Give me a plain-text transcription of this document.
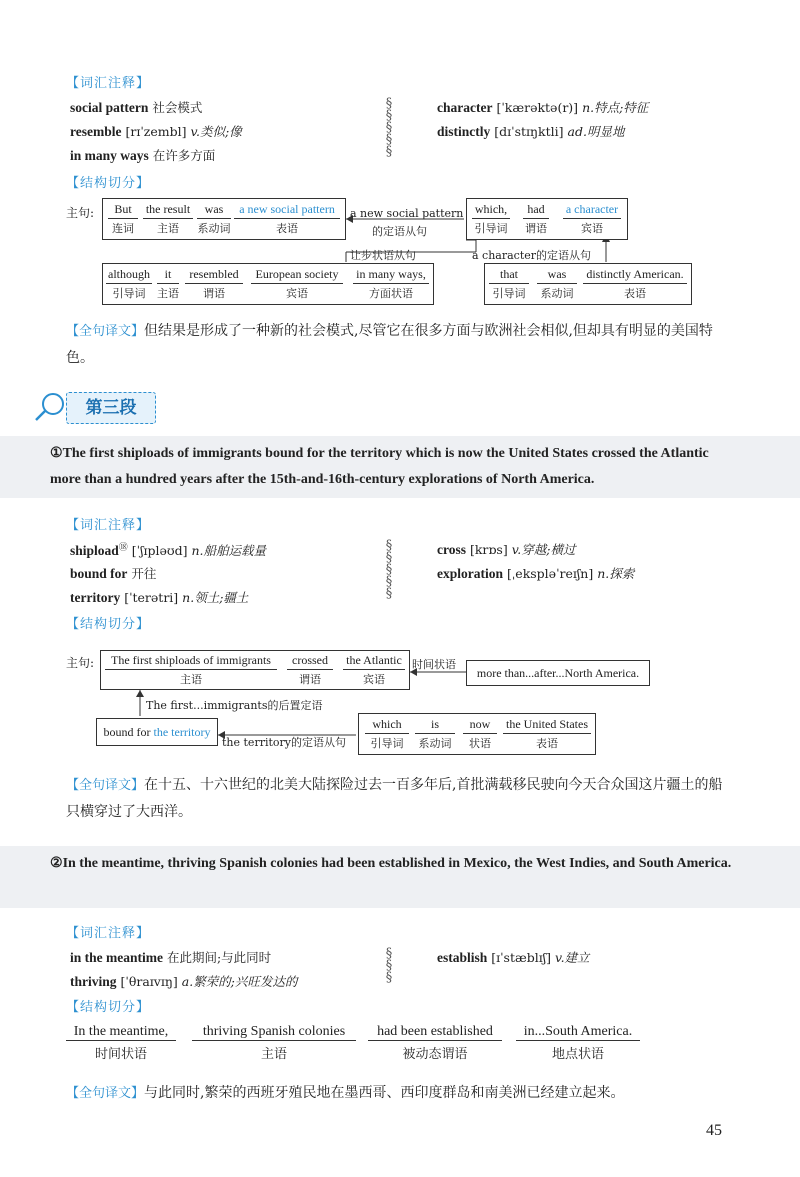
【词汇注释】
social pattern 社会模式
resemble [rɪˈzembl] v.类似;像
in many ways 在许多方面
§
§
§
§
§
character [ˈkærəktə(r)] n.特点;特征
distinctly [dɪˈstɪŋktli] ad.明显地
【结构切分】
主句:	But
连词
the result
主语
was
系动词
a new social pattern
表语
a new social pattern
的定语从句
which,
引导词
had
谓语
a character
宾语
让步状语从句	a character的定语从句
although
引导词
it
主语
resembled
谓语
European society
宾语
in many ways,
方面状语
that
引导词
was
系动词
distinctly American.
表语
【全句译文】但结果是形成了一种新的社会模式,尽管它在很多方面与欧洲社会相似,但却具有明显的美国特色。
第三段
①The first shiploads of immigrants bound for the territory which is now the United States crossed the Atlantic more than a hundred years after the 15th-and-16th-century explorations of North America.
【词汇注释】
shipload⑱ [ˈʃɪpləʊd] n.船舶运载量
bound for 开往
territory [ˈterətri] n.领土;疆土
§
§
§
§
§
cross [krɒs] v.穿越;横过
exploration [ˌekspləˈreɪʃn] n.探索
【结构切分】
主句:	The first shiploads of immigrants
主语
crossed
谓语
the Atlantic
宾语
时间状语
more than...after...North America.
The first...immigrants的后置定语
bound for the territory
the territory的定语从句
which
引导词
is
系动词
now
状语
the United States
表语
【全句译文】在十五、十六世纪的北美大陆探险过去一百多年后,首批满载移民驶向今天合众国这片疆土的船只横穿过了大西洋。
②In the meantime, thriving Spanish colonies had been established in Mexico, the West Indies, and South America.
【词汇注释】
in the meantime 在此期间;与此同时
thriving [ˈθraɪvɪŋ] a.繁荣的;兴旺发达的
§
§
§
establish [ɪˈstæblɪʃ] v.建立
【结构切分】
In the meantime,
时间状语
thriving Spanish colonies
主语
had been established
被动态谓语
in...South America.
地点状语
【全句译文】与此同时,繁荣的西班牙殖民地在墨西哥、西印度群岛和南美洲已经建立起来。
45
